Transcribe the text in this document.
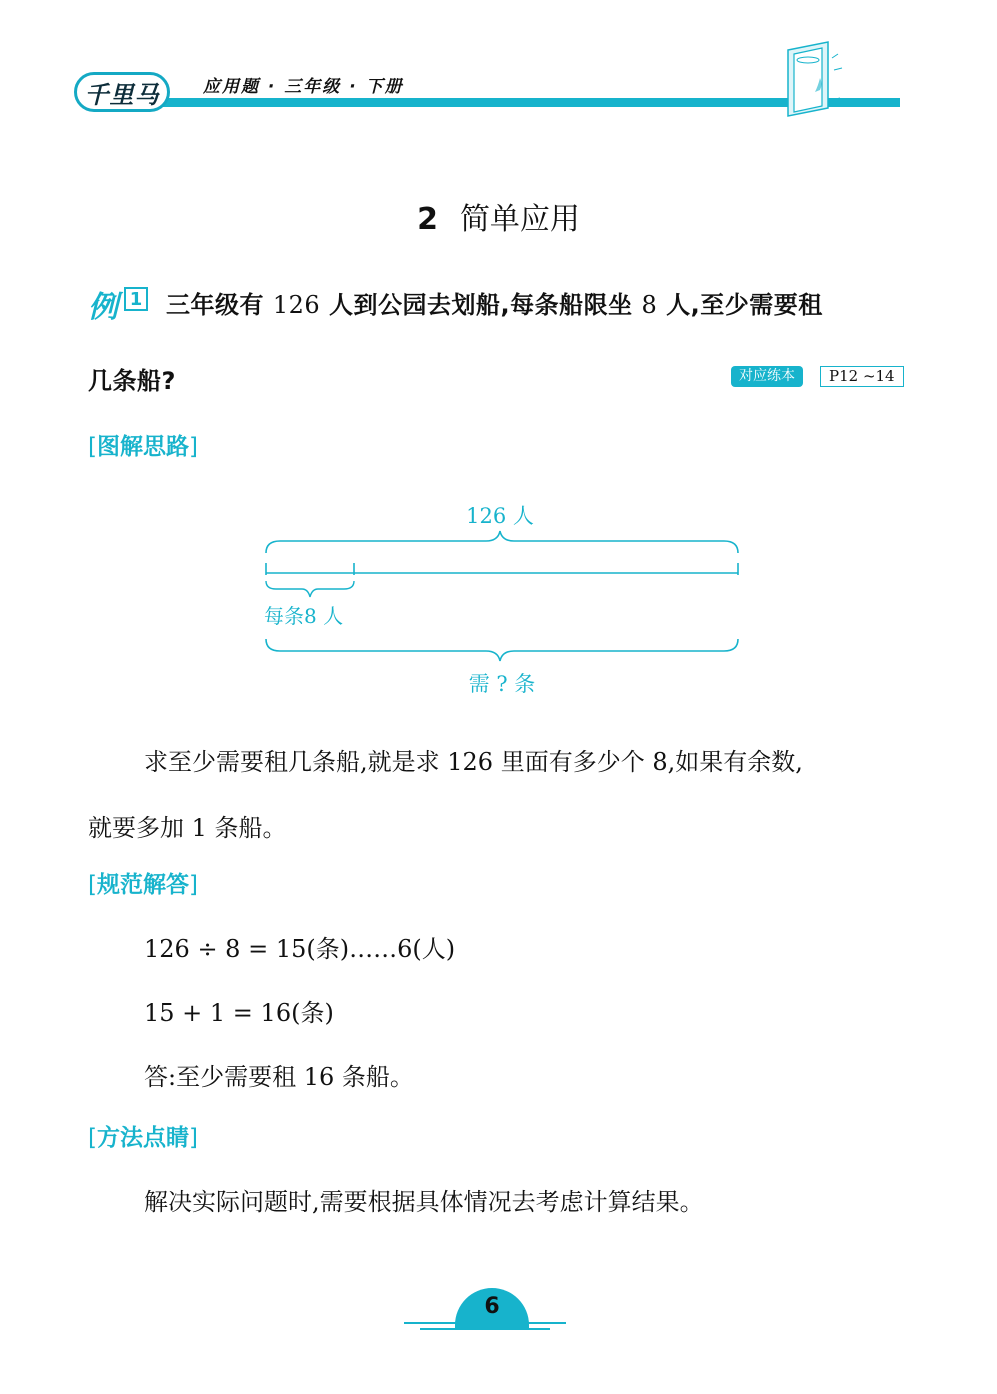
千里马	应用题 · 三年级 · 下册
2 简单应用
例 1 三年级有 126 人到公园去划船,每条船限坐 8 人,至少需要租
几条船?	对应练本	P12 ~14
[图解思路]
126 人
每条8 人
需 ? 条
求至少需要租几条船,就是求 126 里面有多少个 8,如果有余数,
就要多加 1 条船。
[规范解答]
126 ÷ 8 = 15(条)……6(人)
15 + 1 = 16(条)
答:至少需要租 16 条船。
[方法点睛]
解决实际问题时,需要根据具体情况去考虑计算结果。
6
